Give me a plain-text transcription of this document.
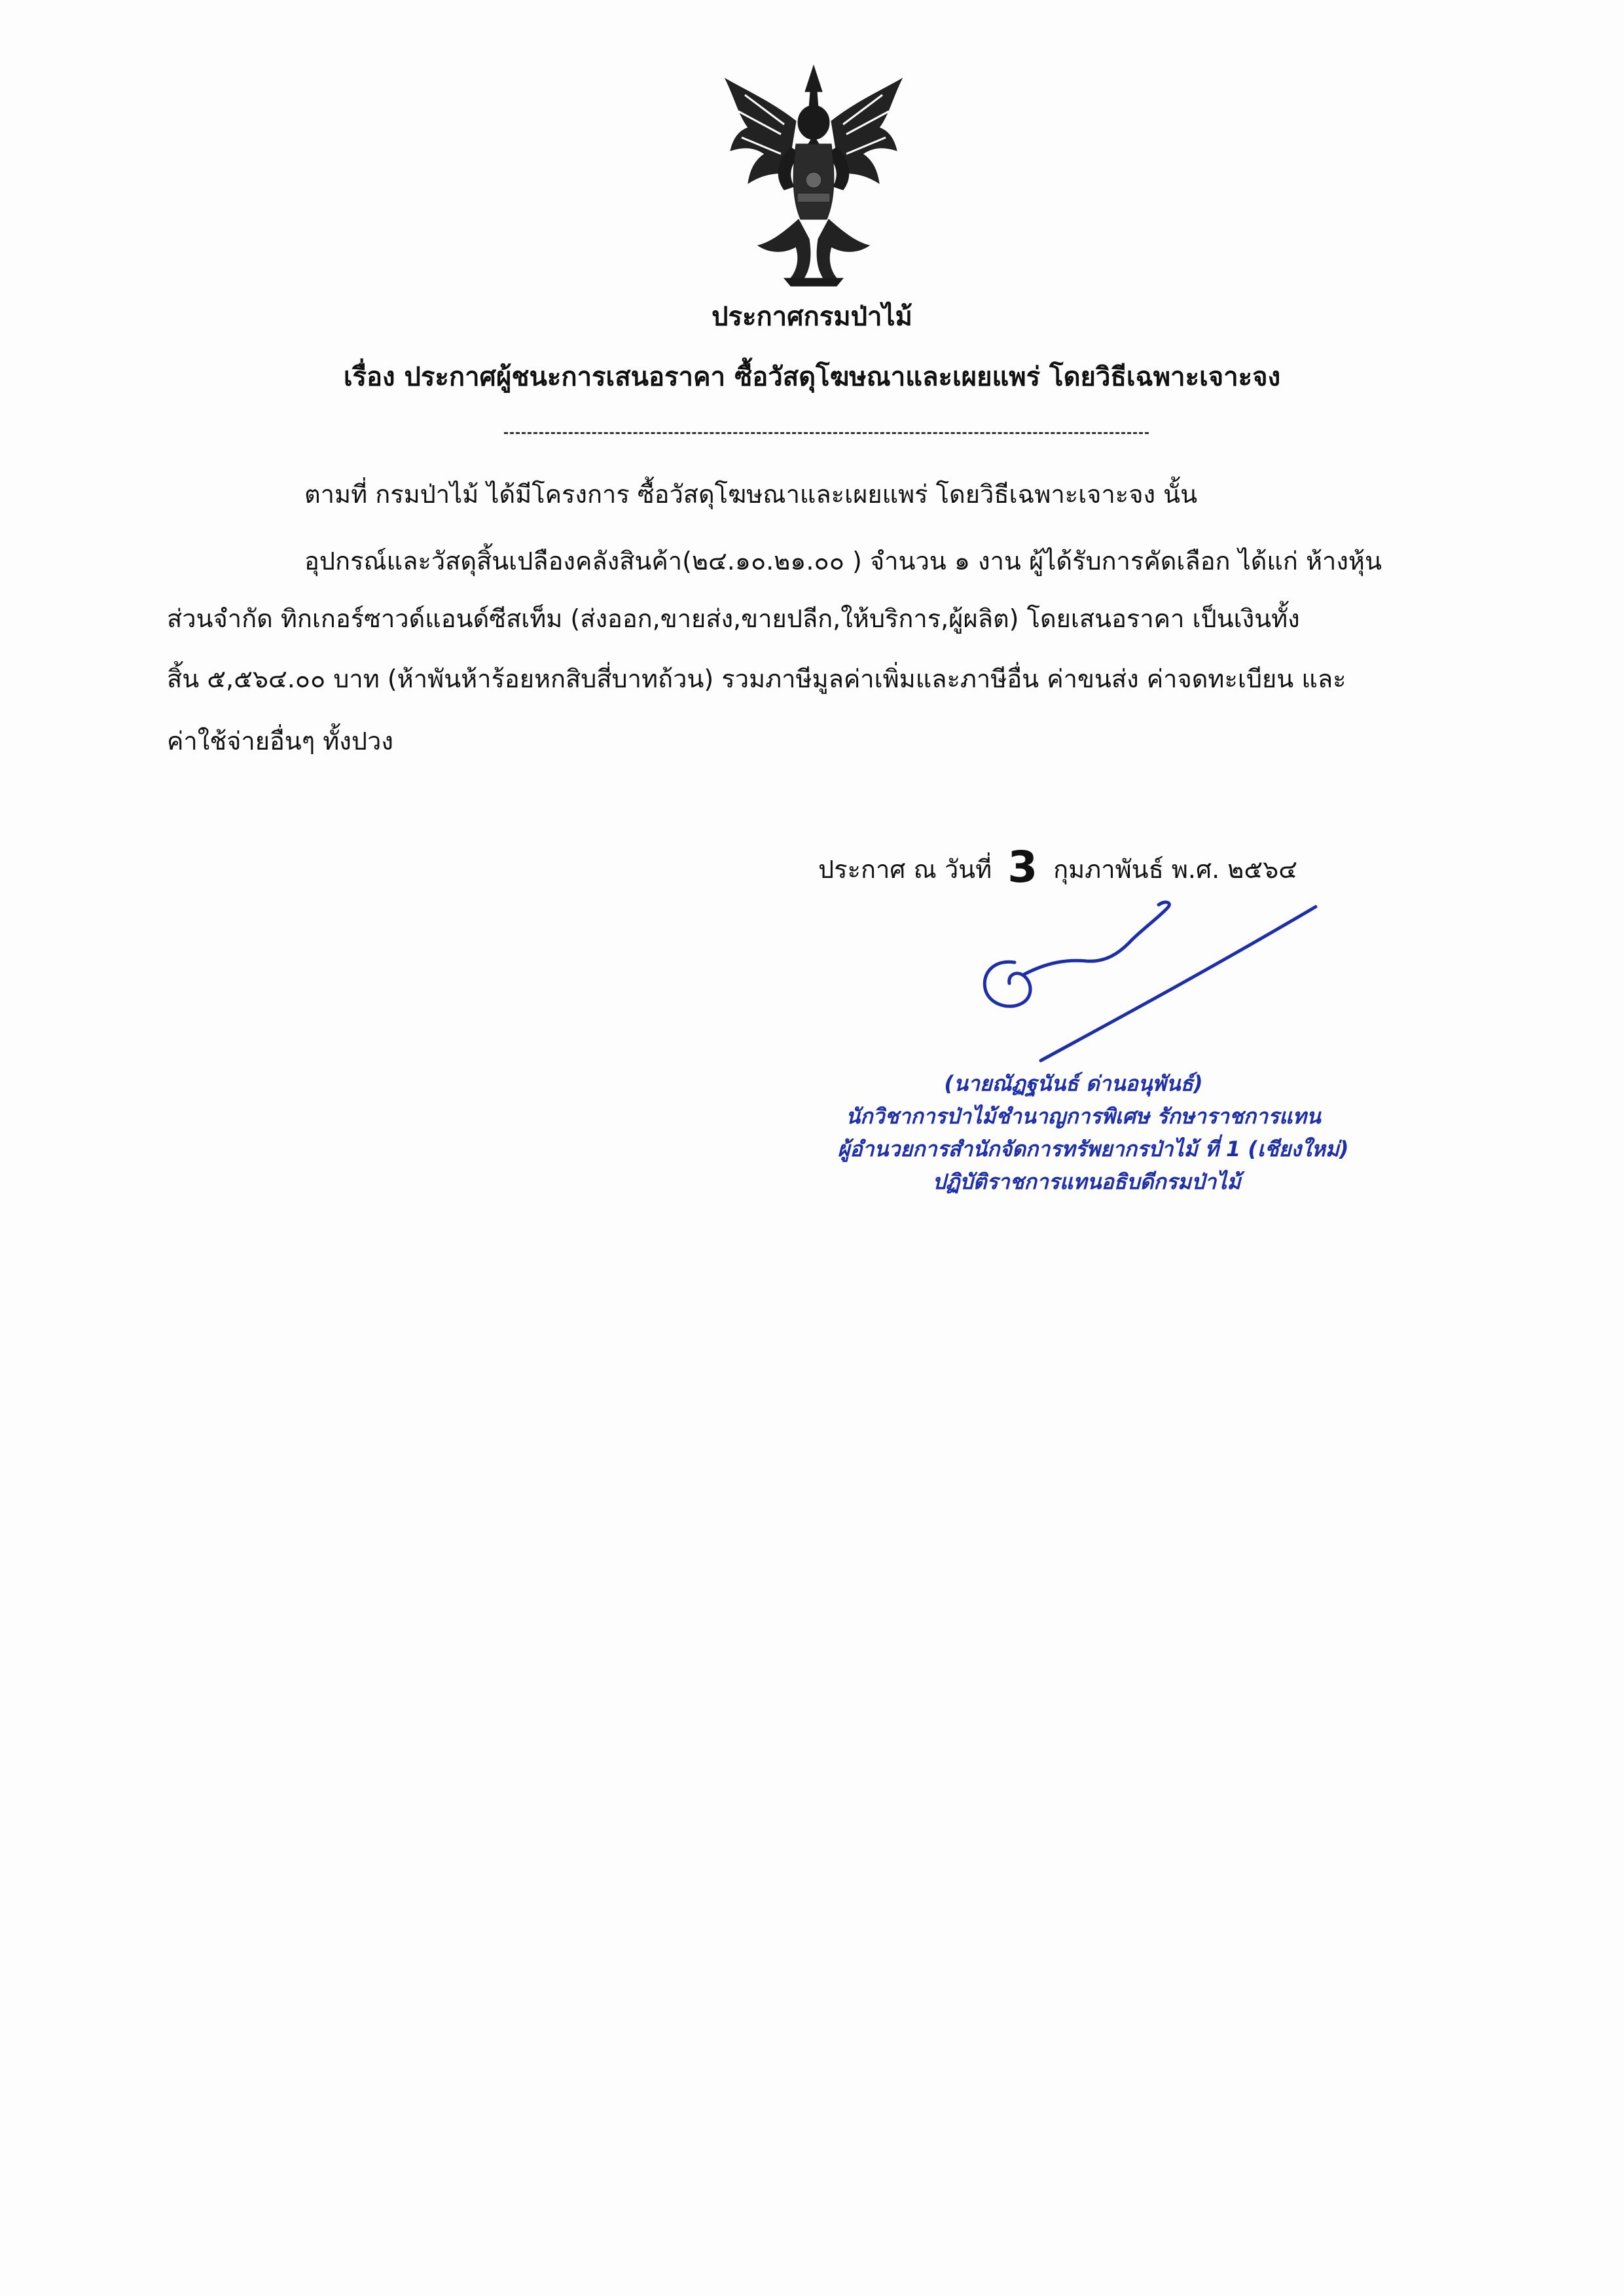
ประกาศกรมป่าไม้
เรื่อง ประกาศผู้ชนะการเสนอราคา ซื้อวัสดุโฆษณาและเผยแพร่ โดยวิธีเฉพาะเจาะจง
ตามที่ กรมป่าไม้ ได้มีโครงการ ซื้อวัสดุโฆษณาและเผยแพร่ โดยวิธีเฉพาะเจาะจง นั้น
อุปกรณ์และวัสดุสิ้นเปลืองคลังสินค้า(๒๔.๑๐.๒๑.๐๐ ) จำนวน ๑ งาน ผู้ได้รับการคัดเลือก ได้แก่ ห้างหุ้น
ส่วนจำกัด ทิกเกอร์ซาวด์แอนด์ซีสเท็ม (ส่งออก,ขายส่ง,ขายปลีก,ให้บริการ,ผู้ผลิต) โดยเสนอราคา เป็นเงินทั้ง
สิ้น ๕,๕๖๔.๐๐ บาท (ห้าพันห้าร้อยหกสิบสี่บาทถ้วน) รวมภาษีมูลค่าเพิ่มและภาษีอื่น ค่าขนส่ง ค่าจดทะเบียน และ
ค่าใช้จ่ายอื่นๆ ทั้งปวง
ประกาศ ณ วันที่ 3 กุมภาพันธ์ พ.ศ. ๒๕๖๔
(นายณัฏฐนันธ์ ด่านอนุพันธ์)
นักวิชาการป่าไม้ชำนาญการพิเศษ รักษาราชการแทน
ผู้อำนวยการสำนักจัดการทรัพยากรป่าไม้ ที่ 1 (เชียงใหม่)
ปฏิบัติราชการแทนอธิบดีกรมป่าไม้
